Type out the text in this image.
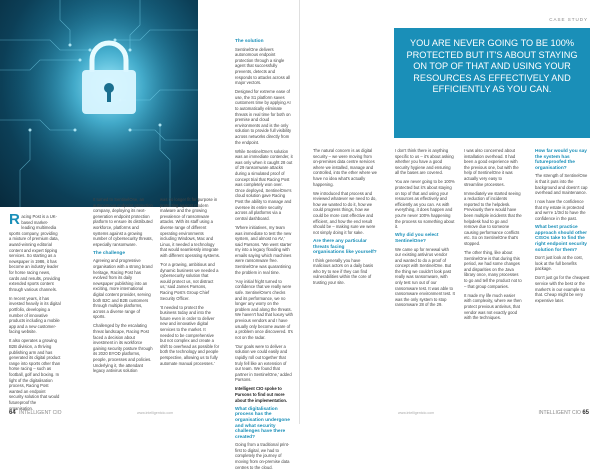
Racing Post is a UK-based market-leading multimedia sports company, providing a mixture of premium data, award-winning editorial content and expert tipping services. So starting as a newspaper in 1986, it has become an industry leader for horse racing news, cards and results, providing extended sports content through various channels.

In recent years, it has invested heavily in its digital portfolio, developing a number of innovative products including a mobile app and a new customer-facing website.

It also operates a growing B2B division, a thriving publishing arm and has generated its digital product range into sports other than horse racing – such as football, golf and boxing. In light of the digitalisation process, Racing Post wanted an endpoint security solution that would futureproof the organisation.

It turned to SentinelOne, an autonomous endpoint protection company, deploying its next-generation endpoint protection platform to ensure its distributed workforce, platforms and systems against a growing number of cybersecurity threats, especially ransomware.

The challenge

Agreeing and progressive organisation with a strong brand heritage, Racing Post has evolved from its daily newspaper publishing into an exciting, more international digital content provider, serving both B2C and B2B customers through multiple platforms, across a diverse range of sports.

Challenged by the escalating threat landscape, Racing Post faced a decision about investment in its workforce gaining security posture through its 2020 BYOD platforms, people, processes and policies. Underlying it, the attendant legacy antivirus solution

was no longer fit for purpose in protecting against modern malware and the growing prevalence of ransomware attacks. With its staff using a diverse range of different operating environments including Windows, Mac and Linux, it needed a technology that would seamlessly integrate with different operating systems.

'For a growing, ambitious and dynamic business we needed a cybersecurity solution that would protect us, not distract us,' said James Parsons, Racing Post's Group Chief Security Officer.

'It needed to protect the business today and into the future even in order to deliver new and innovative digital services to the market. It needed to be comprehensive but not complex and create a shift to overhead as possible for both the technology and people perspective, allowing us to fully automate manual processes.'

The solution

SentinelOne delivers autonomous endpoint protection through a single agent that successfully prevents, detects and responds to attacks across all major vectors.

Designed for extreme ease of use, the S1 platform saves customers time by applying AI to automatically eliminate threats in real time for both on premise and cloud environments and is the only solution to provide full visibility across networks directly from the endpoint.

While SentinelOne's solution was an immediate contender, it was only when it caught 28 out of 29 ransomware attacks during a simulated proof of concept trial that Racing Post was completely won over. Once deployed, SentinelOne's cloud solution gave Racing Post the ability to manage and oversee its entire security across all platforms via a central dashboard.

'Where initiatives, my team was immediate to test the new system, and almost no AV,' said Parsons. 'We went starter my into a legacy flooding with emails saying which machines were ransomware free. SentinelOne was quarantining the problem in real time.

'Any initial fright turned to confidence that we really were safe. SentinelOne's checks and its performance, we no longer any worry on the problem and along the threats. We haven't had that luxury with previous vendors and I have usually only become aware of a problem once discovered. It's not on the radar.

'Our goals were to deliver a solution we could easily and rapidly roll out together that truly fell like an extension of our team. We found that partner in SentinelOne,' added Parsons.

Intelligent CIO spoke to Parsons to find out more about the implementation.

What digitalisation process has the organisation undergone and what security challenges have there created?

Going from a traditional print-first to digital, we had to completely the journey of moving from on-premise data centres to the cloud.

64 INTELLIGENT CIO	www.intelligentcio.com
CASE STUDY
YOU ARE NEVER GOING TO BE 100% PROTECTED BUT IT'S ABOUT STAYING ON TOP OF THAT AND USING YOUR RESOURCES AS EFFECTIVELY AND EFFICIENTLY AS YOU CAN.

The natural concern is as digital security – we were moving from on-premises data centre services where we installed, manage and controlled, into the ether where we have no idea what's actually happening.

We introduced that process and reviewed whatever we need to do, how we wanted to do it, how we could progress things, how we could be more cost effective and efficient, and how the end result should be – making sure we were not simply doing it for sake.

Are there any particular threats facing organisations like yourself?

I think generally you have malicious actors on a daily basis who try to see if they can find vulnerabilities within the core of trusting your site.

I don't think there is anything specific to us – it's about asking whether you have a good security hygiene and ensuring all the bases are covered.

You are never going to be 100% protected but it's about staying on top of that and using your resources as effectively and efficiently as you can. As with everything, it does happen and you're never 100% happening the process so something about it.

Why did you select SentinelOne?

We came up for renewal with our existing antivirus vendor and wanted to do a proof of concept with SentinelOne. But the thing we couldn't look past really was ransomware, with only test run out of our ransomware test. It was able to ransomware environment test. It was the only system to stop ransomware 28 of the 29.

I was also concerned about installation overhead. It had been a good experience with the previous one, but with the help of SentinelOne it was actually very easy to streamline processes.

Immediately we started seeing a reduction of incidents reported to the helpdesk. Previously there would have been multiple incidents that the helpdesk had to go and remove due to someone causing performance conflicts etc. So on SentinelOne that's stopped.

The other thing, like about SentinelOne is that during this period, we had some changes and disparities on the Java library once, many processes to go and tell the product not to – that group companies.

It made my life much easier with complexity, where we then protect previous antivirus, that vendor was not exactly good with the techniques.

How far would you say the system has futureproofed the organisation?

The strength of SentinelOne is that it puts into the background and doesn't cap overhead and maintenance.

I now have the confidence that my estate is protected and we're 1/3rd to have the confidence in the past.

What best practice approach should other CISOs take to find the right endpoint security solution for them?

Don't just look at the cost, look at the full benefits package.

Don't just go for the cheapest service with the best or the market's in our example so that. Cheap might be very expensive later.

www.intelligentcio.com	INTELLIGENT CIO 65
